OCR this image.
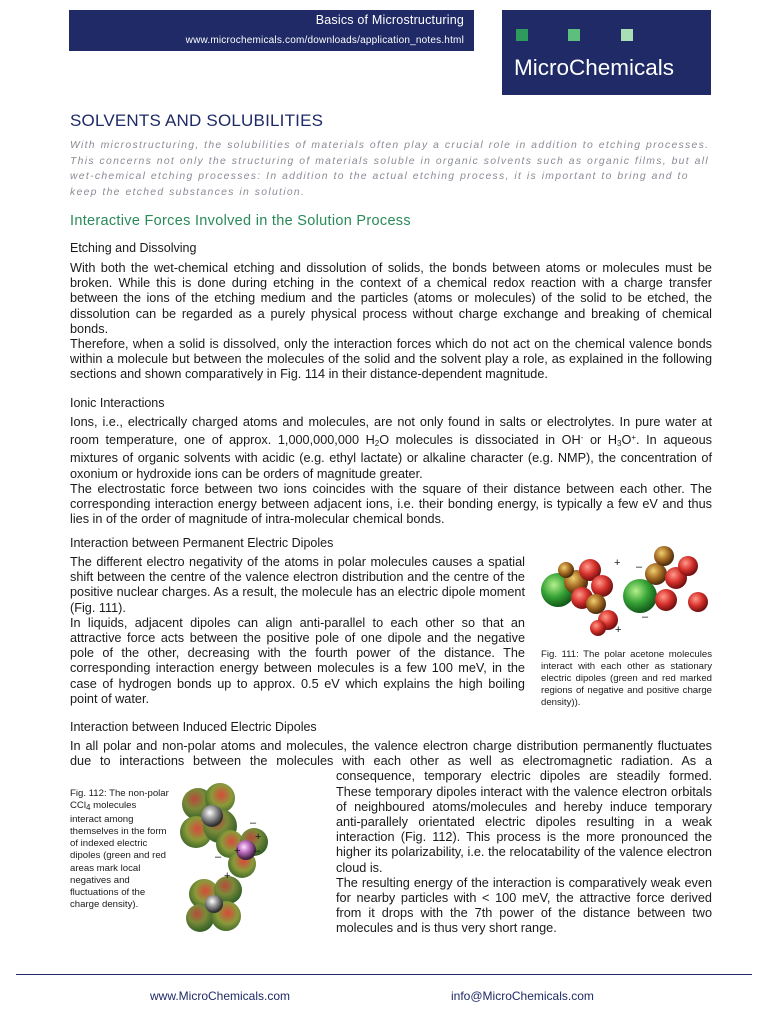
Basics of Microstructuring
www.microchemicals.com/downloads/application_notes.html
MicroChemicals
SOLVENTS AND SOLUBILITIES
With microstructuring, the solubilities of materials often play a crucial role in addition to etching processes. This concerns not only the structuring of materials soluble in organic solvents such as organic films, but all wet-chemical etching processes: In addition to the actual etching process, it is important to bring and to keep the etched substances in solution.
Interactive Forces Involved in the Solution Process
Etching and Dissolving

With both the wet-chemical etching and dissolution of solids, the bonds between atoms or molecules must be broken. While this is done during etching in the context of a chemical redox reaction with a charge transfer between the ions of the etching medium and the particles (atoms or molecules) of the solid to be etched, the dissolution can be regarded as a purely physical process without charge exchange and breaking of chemical bonds.

Therefore, when a solid is dissolved, only the interaction forces which do not act on the chemical valence bonds within a molecule but between the molecules of the solid and the solvent play a role, as explained in the following sections and shown comparatively in Fig. 114 in their distance-dependent magnitude.

Ionic Interactions

Ions, i.e., electrically charged atoms and molecules, are not only found in salts or electrolytes. In pure water at room temperature, one of approx. 1,000,000,000 $H_2O$ molecules is dissociated in OH- or $H_3O^+$. In aqueous mixtures of organic solvents with acidic (e.g. ethyl lactate) or alkaline character (e.g. NMP), the concentration of oxonium or hydroxide ions can be orders of magnitude greater.

The electrostatic force between two ions coincides with the square of their distance between each other. The corresponding interaction energy between adjacent ions, i.e. their bonding energy, is typically a few eV and thus lies in of the order of magnitude of intra-molecular chemical bonds.

Interaction between Permanent Electric Dipoles

The different electro negativity of the atoms in polar molecules causes a spatial shift between the centre of the valence electron distribution and the centre of the positive nuclear charges. As a result, the molecule has an electric dipole moment (Fig. 111).

In liquids, adjacent dipoles can align anti-parallel to each other so that an attractive force acts between the positive pole of one dipole and the negative pole of the other, decreasing with the fourth power of the distance. The corresponding interaction energy between molecules is a few 100 meV, in the case of hydrogen bonds up to approx. 0.5 eV which explains the high boiling point of water.

+ –
+
–
Fig. 111: The polar acetone molecules interact with each other as stationary electric dipoles (green and red marked regions of negative and positive charge density)).
Interaction between Induced Electric Dipoles

In all polar and non-polar atoms and molecules, the valence electron charge distribution permanently fluctuates due to interactions between the molecules with each other as well as electromagnetic radiation. As a consequence, temporary electric dipoles are steadily formed. These temporary dipoles interact with the valence electron orbitals of neighboured atoms/molecules and hereby induce temporary anti-parallely orientated electric dipoles resulting in a weak interaction (Fig. 112). This process is the more pronounced the higher its polarizability, i.e. the relocatability of the valence electron cloud is.

The resulting energy of the interaction is comparatively weak even for nearby particles with < 100 meV, the attractive force derived from it drops with the 7th power of the distance between two molecules and is thus very short range.

Fig. 112: The non-polar CCl$_4$ molecules interact among themselves in the form of indexed electric dipoles (green and red areas mark local negatives and fluctuations of the charge density).
–
+
–
+
–
+
www.MicroChemicals.com	info@MicroChemicals.com
